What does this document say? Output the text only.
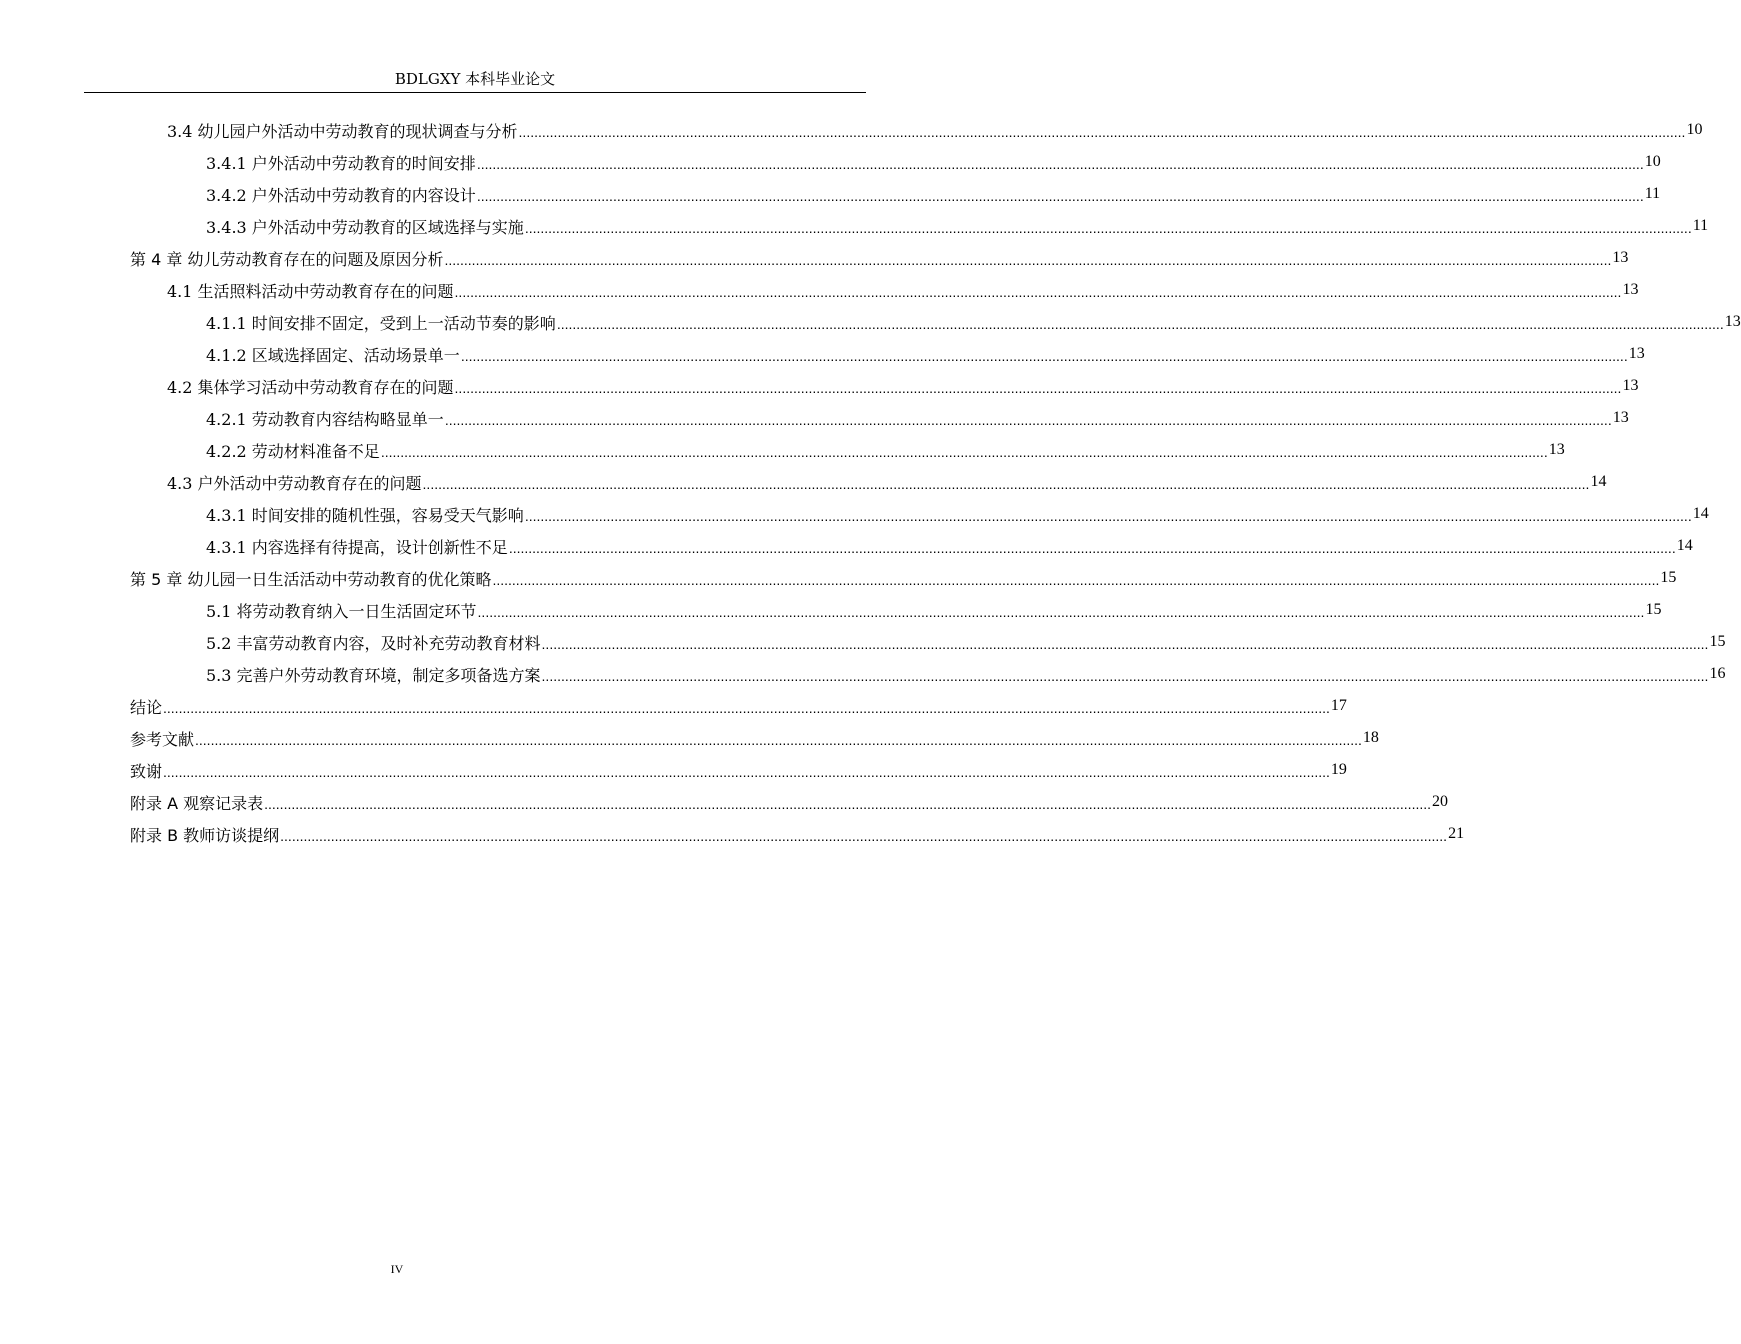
BDLGXY 本科毕业论文
3.4 幼儿园户外活动中劳动教育的现状调查与分析 ............................................................................................................................................................................................................................................................................................................ 10
3.4.1 户外活动中劳动教育的时间安排 ............................................................................................................................................................................................................................................................................................................ 10
3.4.2 户外活动中劳动教育的内容设计 ............................................................................................................................................................................................................................................................................................................ 11
3.4.3 户外活动中劳动教育的区域选择与实施 ............................................................................................................................................................................................................................................................................................................ 11
第 4 章 幼儿劳动教育存在的问题及原因分析 ............................................................................................................................................................................................................................................................................................................ 13
4.1 生活照料活动中劳动教育存在的问题 ............................................................................................................................................................................................................................................................................................................ 13
4.1.1 时间安排不固定，受到上一活动节奏的影响 ............................................................................................................................................................................................................................................................................................................ 13
4.1.2 区域选择固定、活动场景单一 ............................................................................................................................................................................................................................................................................................................ 13
4.2 集体学习活动中劳动教育存在的问题 ............................................................................................................................................................................................................................................................................................................ 13
4.2.1 劳动教育内容结构略显单一 ............................................................................................................................................................................................................................................................................................................ 13
4.2.2 劳动材料准备不足 ............................................................................................................................................................................................................................................................................................................ 13
4.3 户外活动中劳动教育存在的问题 ............................................................................................................................................................................................................................................................................................................ 14
4.3.1 时间安排的随机性强，容易受天气影响 ............................................................................................................................................................................................................................................................................................................ 14
4.3.1 内容选择有待提高，设计创新性不足 ............................................................................................................................................................................................................................................................................................................ 14
第 5 章 幼儿园一日生活活动中劳动教育的优化策略 ............................................................................................................................................................................................................................................................................................................ 15
5.1 将劳动教育纳入一日生活固定环节 ............................................................................................................................................................................................................................................................................................................ 15
5.2 丰富劳动教育内容，及时补充劳动教育材料 ............................................................................................................................................................................................................................................................................................................ 15
5.3 完善户外劳动教育环境，制定多项备选方案 ............................................................................................................................................................................................................................................................................................................ 16
结论 ............................................................................................................................................................................................................................................................................................................ 17
参考文献 ............................................................................................................................................................................................................................................................................................................ 18
致谢 ............................................................................................................................................................................................................................................................................................................ 19
附录 A 观察记录表 ............................................................................................................................................................................................................................................................................................................ 20
附录 B 教师访谈提纲 ............................................................................................................................................................................................................................................................................................................ 21
IV
